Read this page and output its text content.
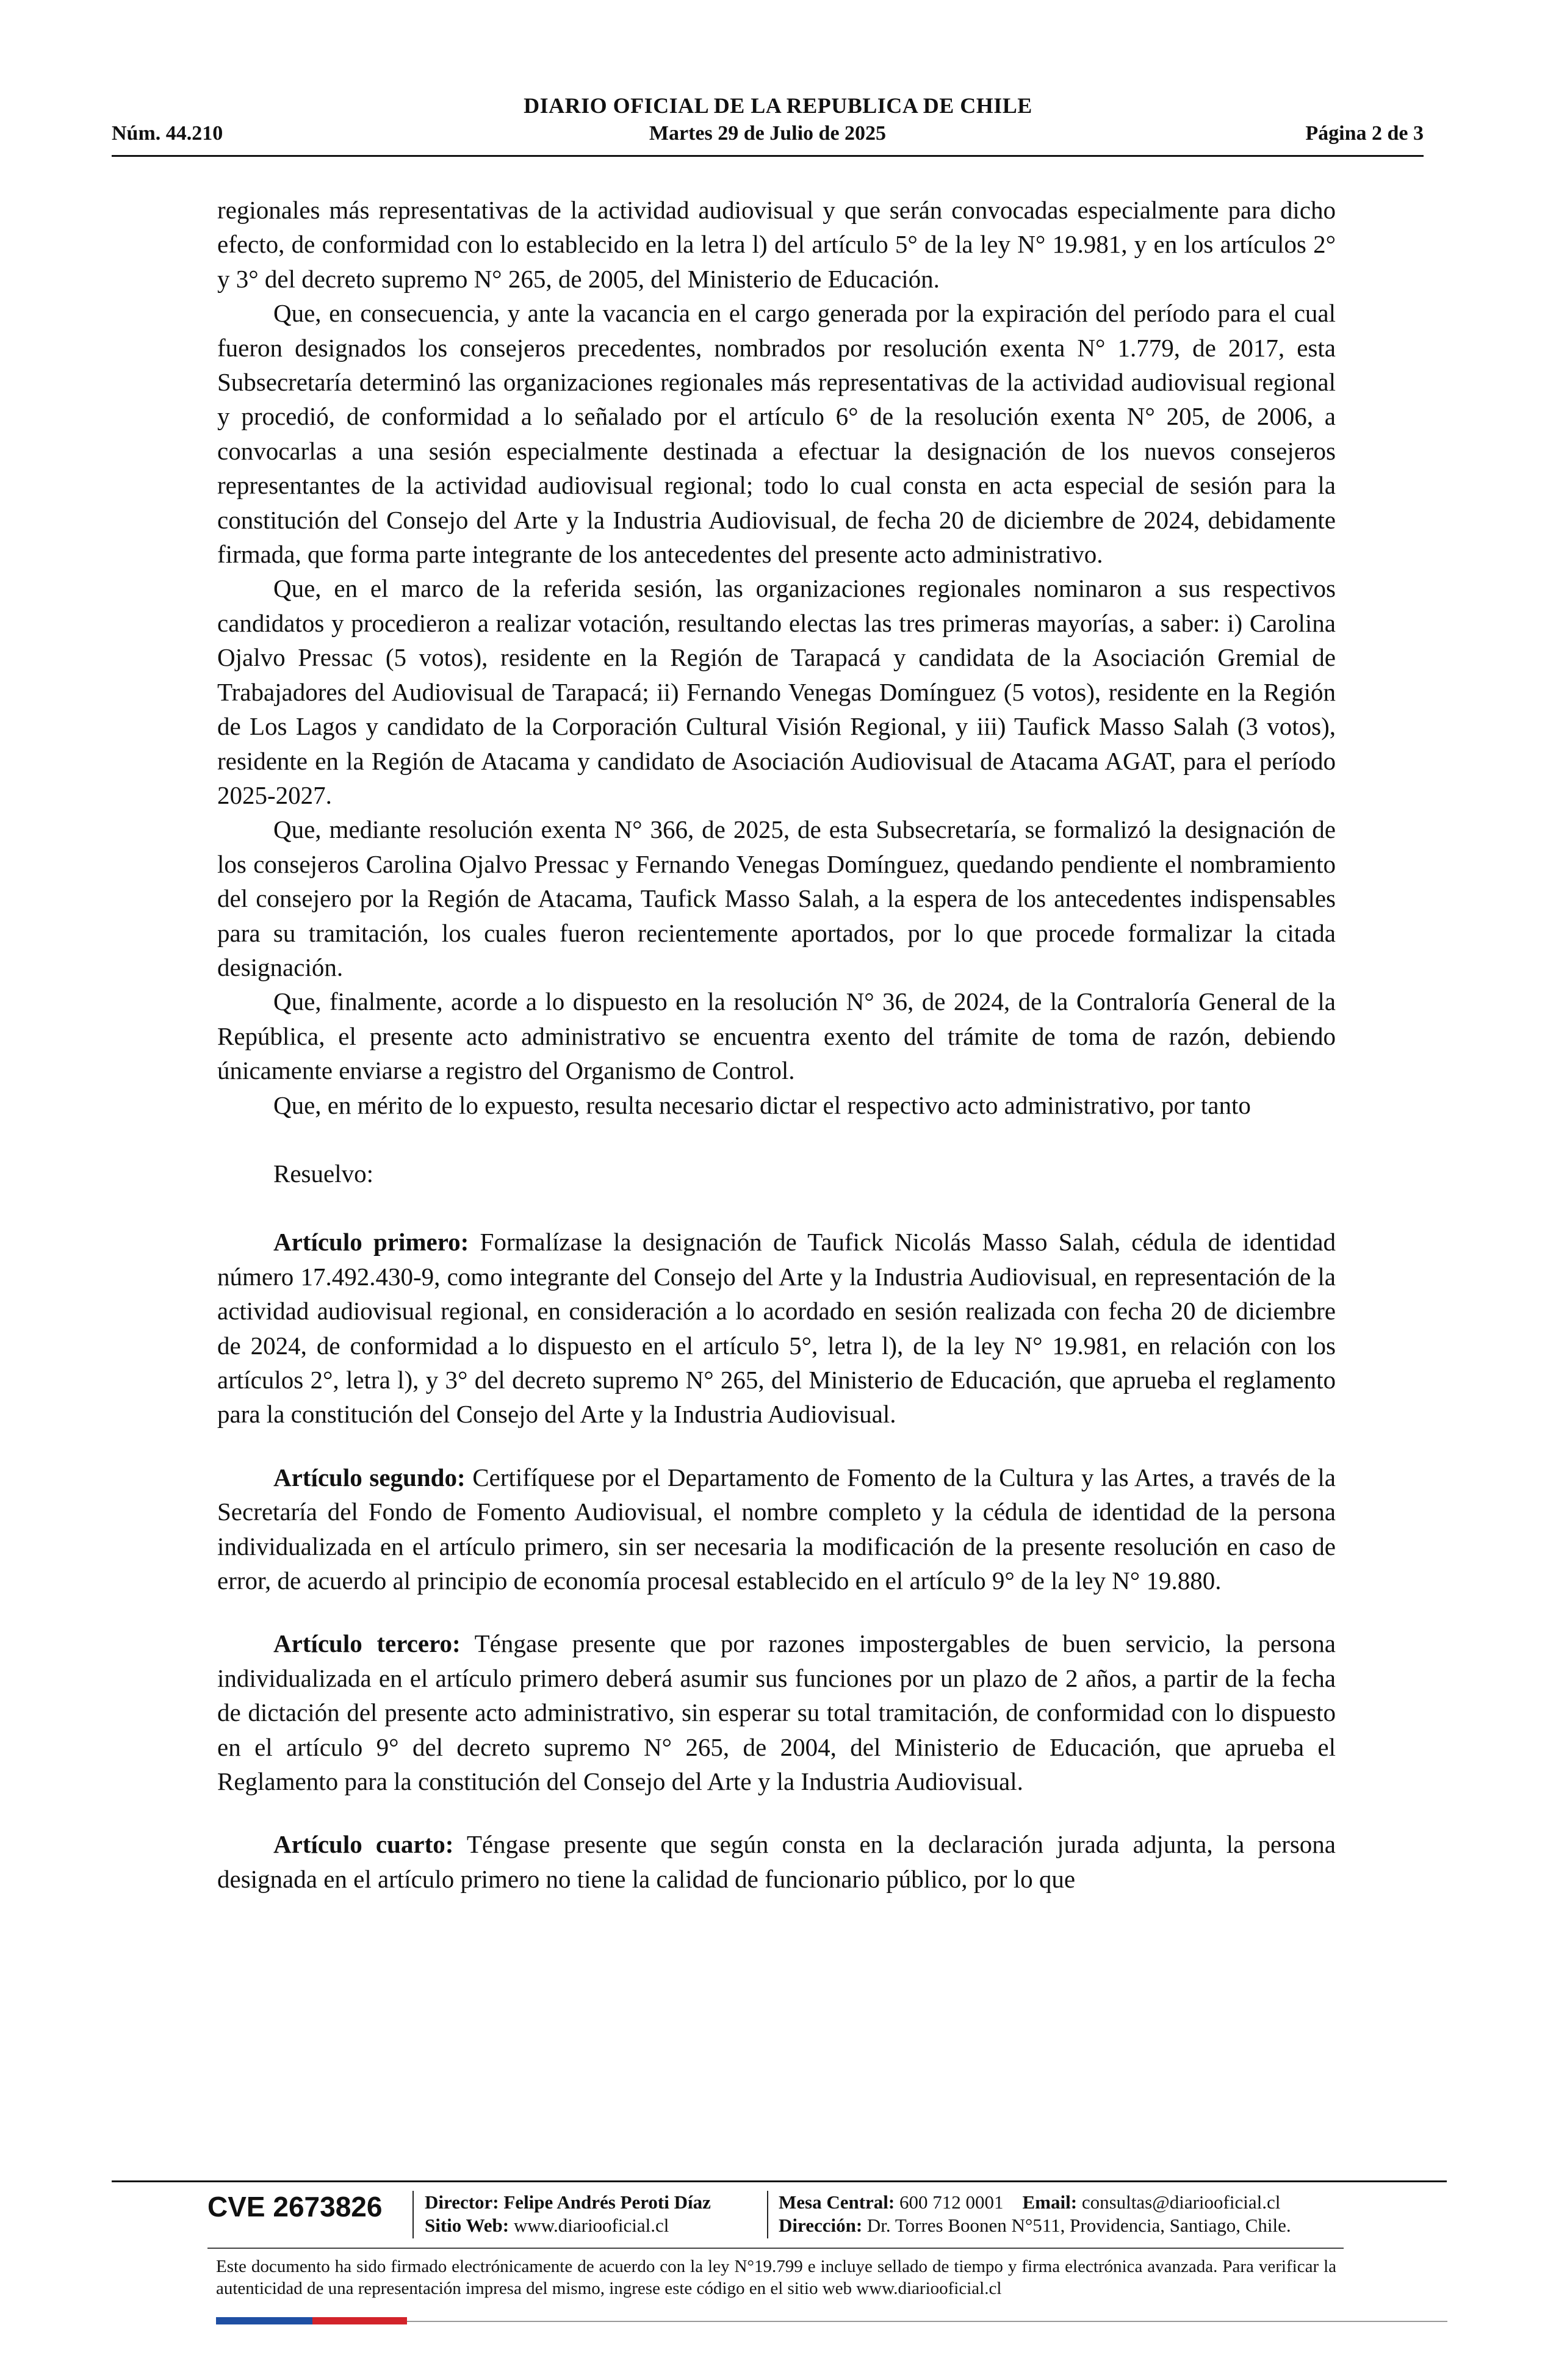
DIARIO OFICIAL DE LA REPUBLICA DE CHILE
Martes 29 de Julio de 2025
Núm. 44.210	Página 2 de 3

regionales más representativas de la actividad audiovisual y que serán convocadas especialmente para dicho efecto, de conformidad con lo establecido en la letra l) del artículo 5° de la ley N° 19.981, y en los artículos 2° y 3° del decreto supremo N° 265, de 2005, del Ministerio de Educación.

Que, en consecuencia, y ante la vacancia en el cargo generada por la expiración del período para el cual fueron designados los consejeros precedentes, nombrados por resolución exenta N° 1.779, de 2017, esta Subsecretaría determinó las organizaciones regionales más representativas de la actividad audiovisual regional y procedió, de conformidad a lo señalado por el artículo 6° de la resolución exenta N° 205, de 2006, a convocarlas a una sesión especialmente destinada a efectuar la designación de los nuevos consejeros representantes de la actividad audiovisual regional; todo lo cual consta en acta especial de sesión para la constitución del Consejo del Arte y la Industria Audiovisual, de fecha 20 de diciembre de 2024, debidamente firmada, que forma parte integrante de los antecedentes del presente acto administrativo.

Que, en el marco de la referida sesión, las organizaciones regionales nominaron a sus respectivos candidatos y procedieron a realizar votación, resultando electas las tres primeras mayorías, a saber: i) Carolina Ojalvo Pressac (5 votos), residente en la Región de Tarapacá y candidata de la Asociación Gremial de Trabajadores del Audiovisual de Tarapacá; ii) Fernando Venegas Domínguez (5 votos), residente en la Región de Los Lagos y candidato de la Corporación Cultural Visión Regional, y iii) Taufick Masso Salah (3 votos), residente en la Región de Atacama y candidato de Asociación Audiovisual de Atacama AGAT, para el período 2025-2027.

Que, mediante resolución exenta N° 366, de 2025, de esta Subsecretaría, se formalizó la designación de los consejeros Carolina Ojalvo Pressac y Fernando Venegas Domínguez, quedando pendiente el nombramiento del consejero por la Región de Atacama, Taufick Masso Salah, a la espera de los antecedentes indispensables para su tramitación, los cuales fueron recientemente aportados, por lo que procede formalizar la citada designación.

Que, finalmente, acorde a lo dispuesto en la resolución N° 36, de 2024, de la Contraloría General de la República, el presente acto administrativo se encuentra exento del trámite de toma de razón, debiendo únicamente enviarse a registro del Organismo de Control.

Que, en mérito de lo expuesto, resulta necesario dictar el respectivo acto administrativo, por tanto

Resuelvo:

Artículo primero: Formalízase la designación de Taufick Nicolás Masso Salah, cédula de identidad número 17.492.430-9, como integrante del Consejo del Arte y la Industria Audiovisual, en representación de la actividad audiovisual regional, en consideración a lo acordado en sesión realizada con fecha 20 de diciembre de 2024, de conformidad a lo dispuesto en el artículo 5°, letra l), de la ley N° 19.981, en relación con los artículos 2°, letra l), y 3° del decreto supremo N° 265, del Ministerio de Educación, que aprueba el reglamento para la constitución del Consejo del Arte y la Industria Audiovisual.

Artículo segundo: Certifíquese por el Departamento de Fomento de la Cultura y las Artes, a través de la Secretaría del Fondo de Fomento Audiovisual, el nombre completo y la cédula de identidad de la persona individualizada en el artículo primero, sin ser necesaria la modificación de la presente resolución en caso de error, de acuerdo al principio de economía procesal establecido en el artículo 9° de la ley N° 19.880.

Artículo tercero: Téngase presente que por razones impostergables de buen servicio, la persona individualizada en el artículo primero deberá asumir sus funciones por un plazo de 2 años, a partir de la fecha de dictación del presente acto administrativo, sin esperar su total tramitación, de conformidad con lo dispuesto en el artículo 9° del decreto supremo N° 265, de 2004, del Ministerio de Educación, que aprueba el Reglamento para la constitución del Consejo del Arte y la Industria Audiovisual.

Artículo cuarto: Téngase presente que según consta en la declaración jurada adjunta, la persona designada en el artículo primero no tiene la calidad de funcionario público, por lo que

CVE 2673826 Director: Felipe Andrés Peroti Díaz
Sitio Web: www.diariooficial.cl
Mesa Central: 600 712 0001 Email: consultas@diariooficial.cl
Dirección: Dr. Torres Boonen N°511, Providencia, Santiago, Chile.
Este documento ha sido firmado electrónicamente de acuerdo con la ley N°19.799 e incluye sellado de tiempo y firma electrónica avanzada. Para verificar la autenticidad de una representación impresa del mismo, ingrese este código en el sitio web www.diariooficial.cl
